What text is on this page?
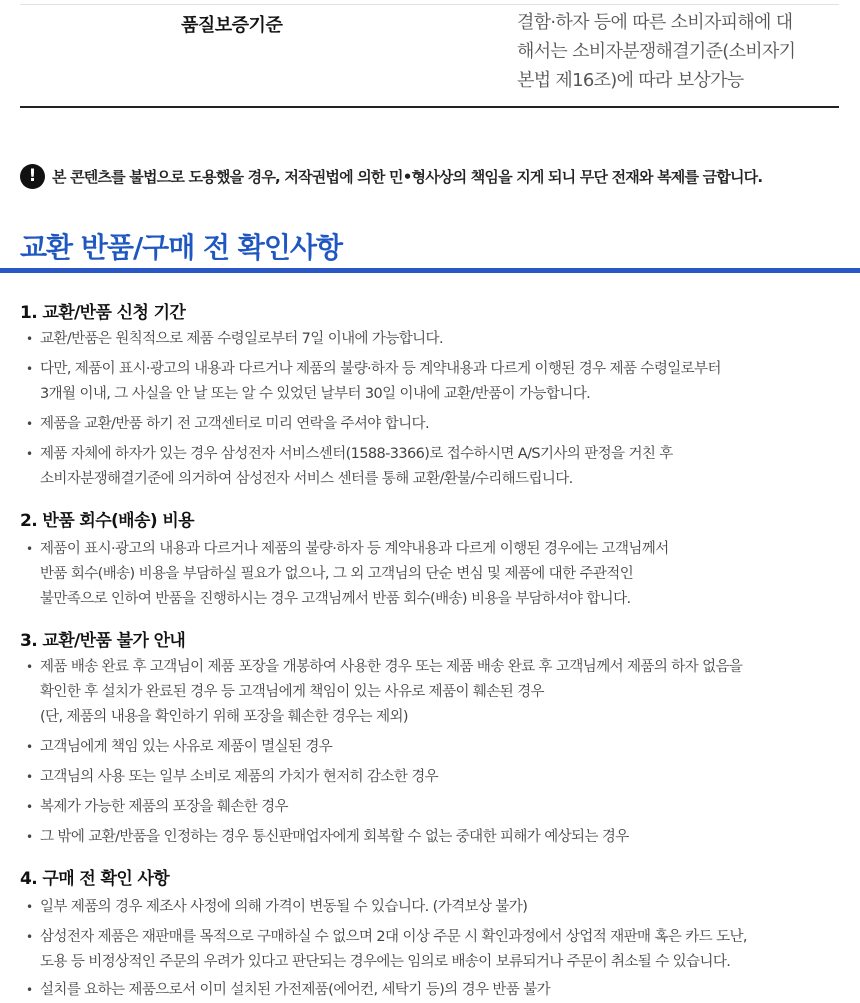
품질보증기준	결함·하자 등에 따른 소비자피해에 대
해서는 소비자분쟁해결기준(소비자기
본법 제16조)에 따라 보상가능
!	본 콘텐츠를 불법으로 도용했을 경우, 저작권법에 의한 민•형사상의 책임을 지게 되니 무단 전재와 복제를 금합니다.
교환 반품/구매 전 확인사항
1. 교환/반품 신청 기간
• 교환/반품은 원칙적으로 제품 수령일로부터 7일 이내에 가능합니다.
• 다만, 제품이 표시·광고의 내용과 다르거나 제품의 불량·하자 등 계약내용과 다르게 이행된 경우 제품 수령일로부터
3개월 이내, 그 사실을 안 날 또는 알 수 있었던 날부터 30일 이내에 교환/반품이 가능합니다.
• 제품을 교환/반품 하기 전 고객센터로 미리 연락을 주셔야 합니다.
• 제품 자체에 하자가 있는 경우 삼성전자 서비스센터(1588-3366)로 접수하시면 A/S기사의 판정을 거친 후
소비자분쟁해결기준에 의거하여 삼성전자 서비스 센터를 통해 교환/환불/수리해드립니다.
2. 반품 회수(배송) 비용
• 제품이 표시·광고의 내용과 다르거나 제품의 불량·하자 등 계약내용과 다르게 이행된 경우에는 고객님께서
반품 회수(배송) 비용을 부담하실 필요가 없으나, 그 외 고객님의 단순 변심 및 제품에 대한 주관적인
불만족으로 인하여 반품을 진행하시는 경우 고객님께서 반품 회수(배송) 비용을 부담하셔야 합니다.
3. 교환/반품 불가 안내
• 제품 배송 완료 후 고객님이 제품 포장을 개봉하여 사용한 경우 또는 제품 배송 완료 후 고객님께서 제품의 하자 없음을
확인한 후 설치가 완료된 경우 등 고객님에게 책임이 있는 사유로 제품이 훼손된 경우
(단, 제품의 내용을 확인하기 위해 포장을 훼손한 경우는 제외)
• 고객님에게 책임 있는 사유로 제품이 멸실된 경우
• 고객님의 사용 또는 일부 소비로 제품의 가치가 현저히 감소한 경우
• 복제가 가능한 제품의 포장을 훼손한 경우
• 그 밖에 교환/반품을 인정하는 경우 통신판매업자에게 회복할 수 없는 중대한 피해가 예상되는 경우
4. 구매 전 확인 사항
• 일부 제품의 경우 제조사 사정에 의해 가격이 변동될 수 있습니다. (가격보상 불가)
• 삼성전자 제품은 재판매를 목적으로 구매하실 수 없으며 2대 이상 주문 시 확인과정에서 상업적 재판매 혹은 카드 도난,
도용 등 비정상적인 주문의 우려가 있다고 판단되는 경우에는 임의로 배송이 보류되거나 주문이 취소될 수 있습니다.
• 설치를 요하는 제품으로서 이미 설치된 가전제품(에어컨, 세탁기 등)의 경우 반품 불가
